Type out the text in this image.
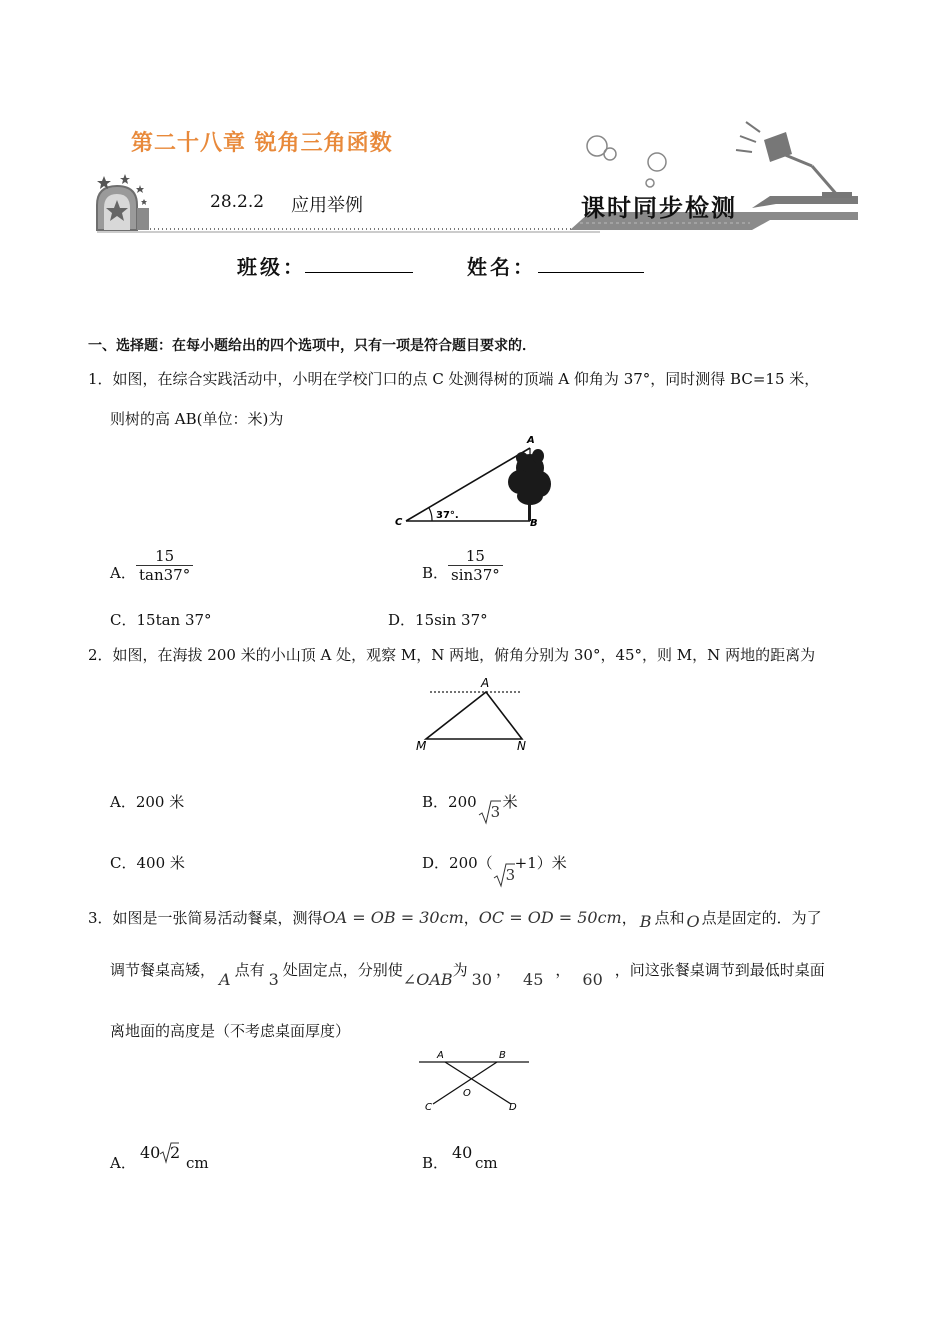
第二十八章 锐角三角函数
28.2.2 应用举例	课时同步检测
班级：	姓名：
一、选择题：在每小题给出的四个选项中，只有一项是符合题目要求的．
1．如图，在综合实践活动中，小明在学校门口的点 C 处测得树的顶端 A 仰角为 37°，同时测得 BC=15 米，
则树的高 AB(单位：米)为
A
B
C
37°.
A． $\frac{15}{\tan 37^\circ}$	B． $\frac{15}{\sin 37^\circ}$
C．15tan 37°	D．15sin 37°
2．如图，在海拔 200 米的小山顶 A 处，观察 M，N 两地，俯角分别为 30°，45°，则 M，N 两地的距离为
A
M	N
A．200 米	B．200
3
米
C．400 米	D．200（
3
+1）米
3．如图是一张简易活动餐桌，测得OA = OB = 30cm，OC = OD = 50cm， B 点和 O 点是固定的．为了
调节餐桌高矮， A 点有 3 处固定点，分别使∠OAB为 30 ， 45 ， 60 ，问这张餐桌调节到最低时桌面
离地面的高度是（不考虑桌面厚度）
A	B
O
C	D
A．
40 2
cm	B．
40
cm
